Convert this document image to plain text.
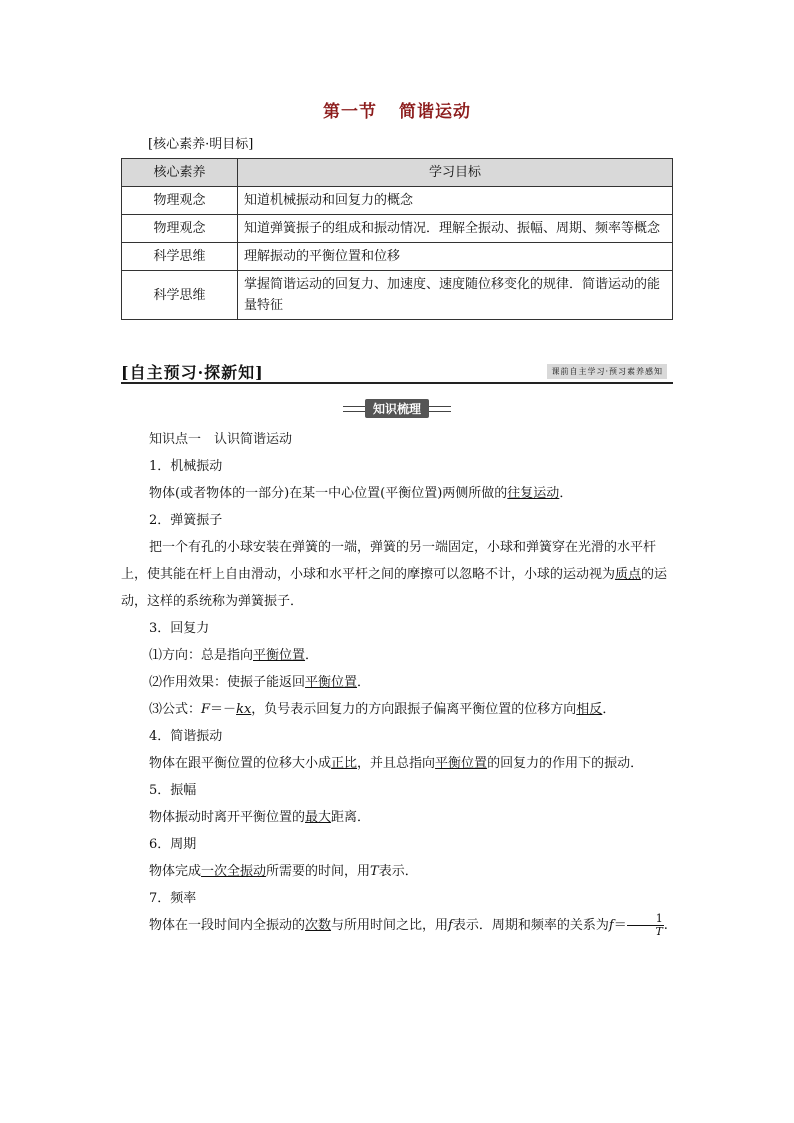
第一节 简谐运动
[核心素养·明目标]
核心素养	学习目标
物理观念	知道机械振动和回复力的概念
物理观念	知道弹簧振子的组成和振动情况．理解全振动、振幅、周期、频率等概念
科学思维	理解振动的平衡位置和位移
科学思维	掌握简谐运动的回复力、加速度、速度随位移变化的规律．简谐运动的能量特征
[自主预习·探新知]	课前自主学习·预习素养感知
知识梳理

知识点一　认识简谐运动

1．机械振动

物体(或者物体的一部分)在某一中心位置(平衡位置)两侧所做的往复运动．

2．弹簧振子

把一个有孔的小球安装在弹簧的一端，弹簧的另一端固定，小球和弹簧穿在光滑的水平杆上，使其能在杆上自由滑动，小球和水平杆之间的摩擦可以忽略不计，小球的运动视为质点的运动，这样的系统称为弹簧振子．

3．回复力

⑴方向：总是指向平衡位置．

⑵作用效果：使振子能返回平衡位置．

⑶公式：F＝－kx，负号表示回复力的方向跟振子偏离平衡位置的位移方向相反．

4．简谐振动

物体在跟平衡位置的位移大小成正比，并且总指向平衡位置的回复力的作用下的振动．

5．振幅

物体振动时离开平衡位置的最大距离．

6．周期

物体完成一次全振动所需要的时间，用T表示．

7．频率

物体在一段时间内全振动的次数与所用时间之比，用f表示．周期和频率的关系为$f= \frac{1}{T}$ .
